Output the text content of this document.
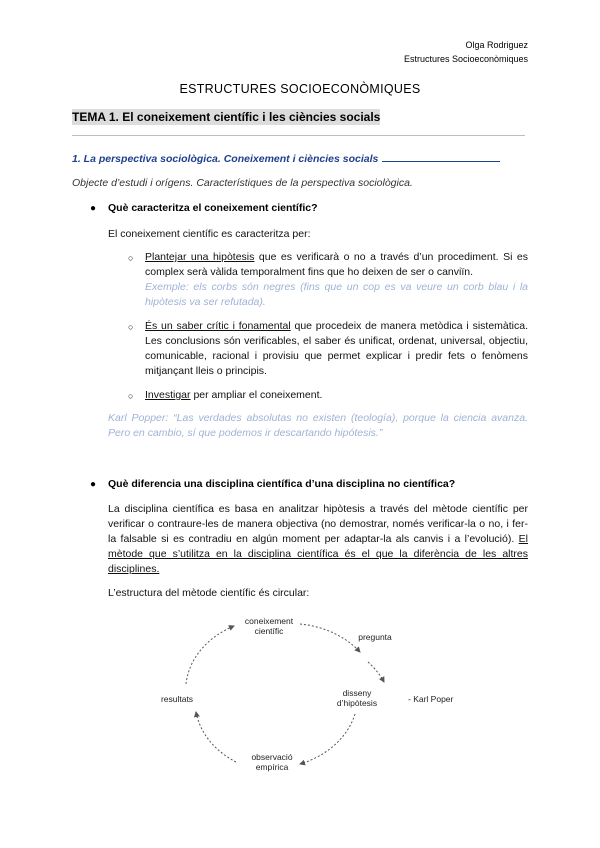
Olga Rodriguez
Estructures Socioeconòmiques
ESTRUCTURES SOCIOECONÒMIQUES
TEMA 1. El coneixement científic i les ciències socials
1. La perspectiva sociològica. Coneixement i ciències socials
Objecte d’estudi i orígens. Característiques de la perspectiva sociològica.
● Què caracteritza el coneixement científic?
El coneixement científic es caracteritza per:
○ Plantejar una hipòtesis que es verificarà o no a través d’un procediment. Si es complex serà vàlida temporalment fins que ho deixen de ser o canviïn.
Exemple: els corbs són negres (fins que un cop es va veure un corb blau i la hipòtesis va ser refutada).
○ És un saber crític i fonamental que procedeix de manera metòdica i sistemàtica. Les conclusions són verificables, el saber és unificat, ordenat, universal, objectiu, comunicable, racional i provisiu que permet explicar i predir fets o fenòmens mitjançant lleis o principis.
○ Investigar per ampliar el coneixement.
Karl Popper: “Las verdades absolutas no existen (teología), porque la ciencia avanza. Pero en cambio, sí que podemos ir descartando hipótesis.”
● Què diferencia una disciplina científica d’una disciplina no científica?
La disciplina científica es basa en analitzar hipòtesis a través del mètode científic per verificar o contraure-les de manera objectiva (no demostrar, només verificar-la o no, i fer-la falsable si es contradiu en algún moment per adaptar-la als canvis i a l’evolució). El mètode que s’utilitza en la disciplina científica és el que la diferència de les altres disciplines.
L’estructura del mètode científic és circular:
coneixement científic
pregunta
disseny d’hipòtesis
observació empírica
resultats	- Karl Poper
